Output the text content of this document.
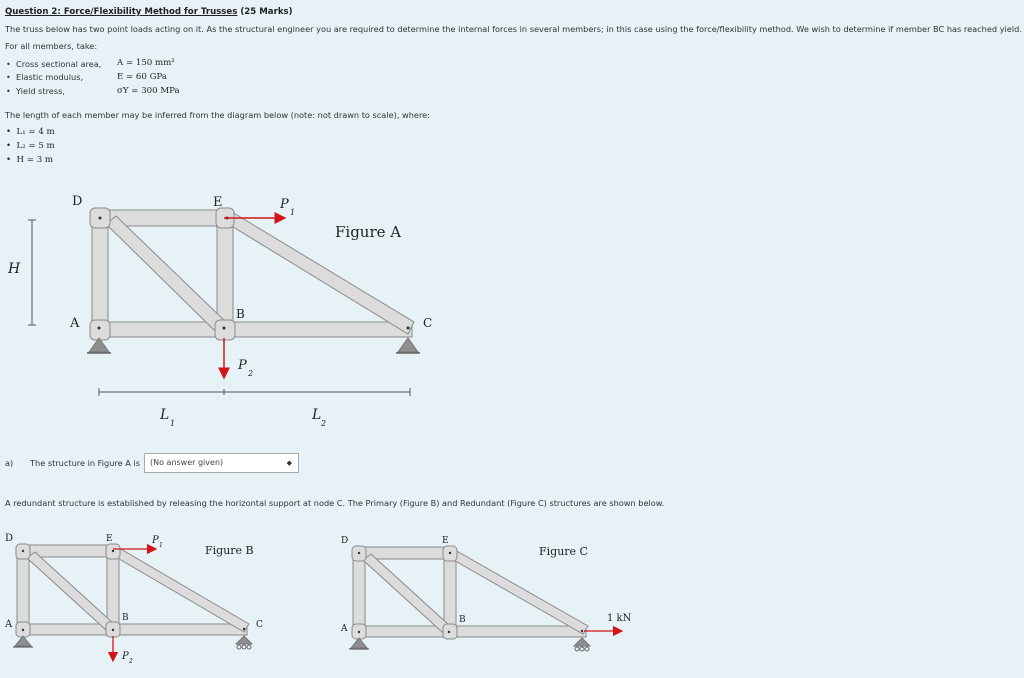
Question 2: Force/Flexibility Method for Trusses (25 Marks)
The truss below has two point loads acting on it. As the structural engineer you are required to determine the internal forces in several members; in this case using the force/flexibility method. We wish to determine if member BC has reached yield.
For all members, take:
•  Cross sectional area, A = 150 mm²
•  Elastic modulus,	E = 60 GPa
•  Yield stress,	σY = 300 MPa
The length of each member may be inferred from the diagram below (note: not drawn to scale), where:
•  L₁ = 4 m
•  L₂ = 5 m
•  H = 3 m
D	E
A
B
C
H
P
1
P
2
L
1
L
2
Figure A
D	E
A
B
C
P 1
P 2
Figure B
D	E
A
B	1 kN
Figure C
a) The structure in Figure A is	(No answer given)	◆
A redundant structure is established by releasing the horizontal support at node C. The Primary (Figure B) and Redundant (Figure C) structures are shown below.
